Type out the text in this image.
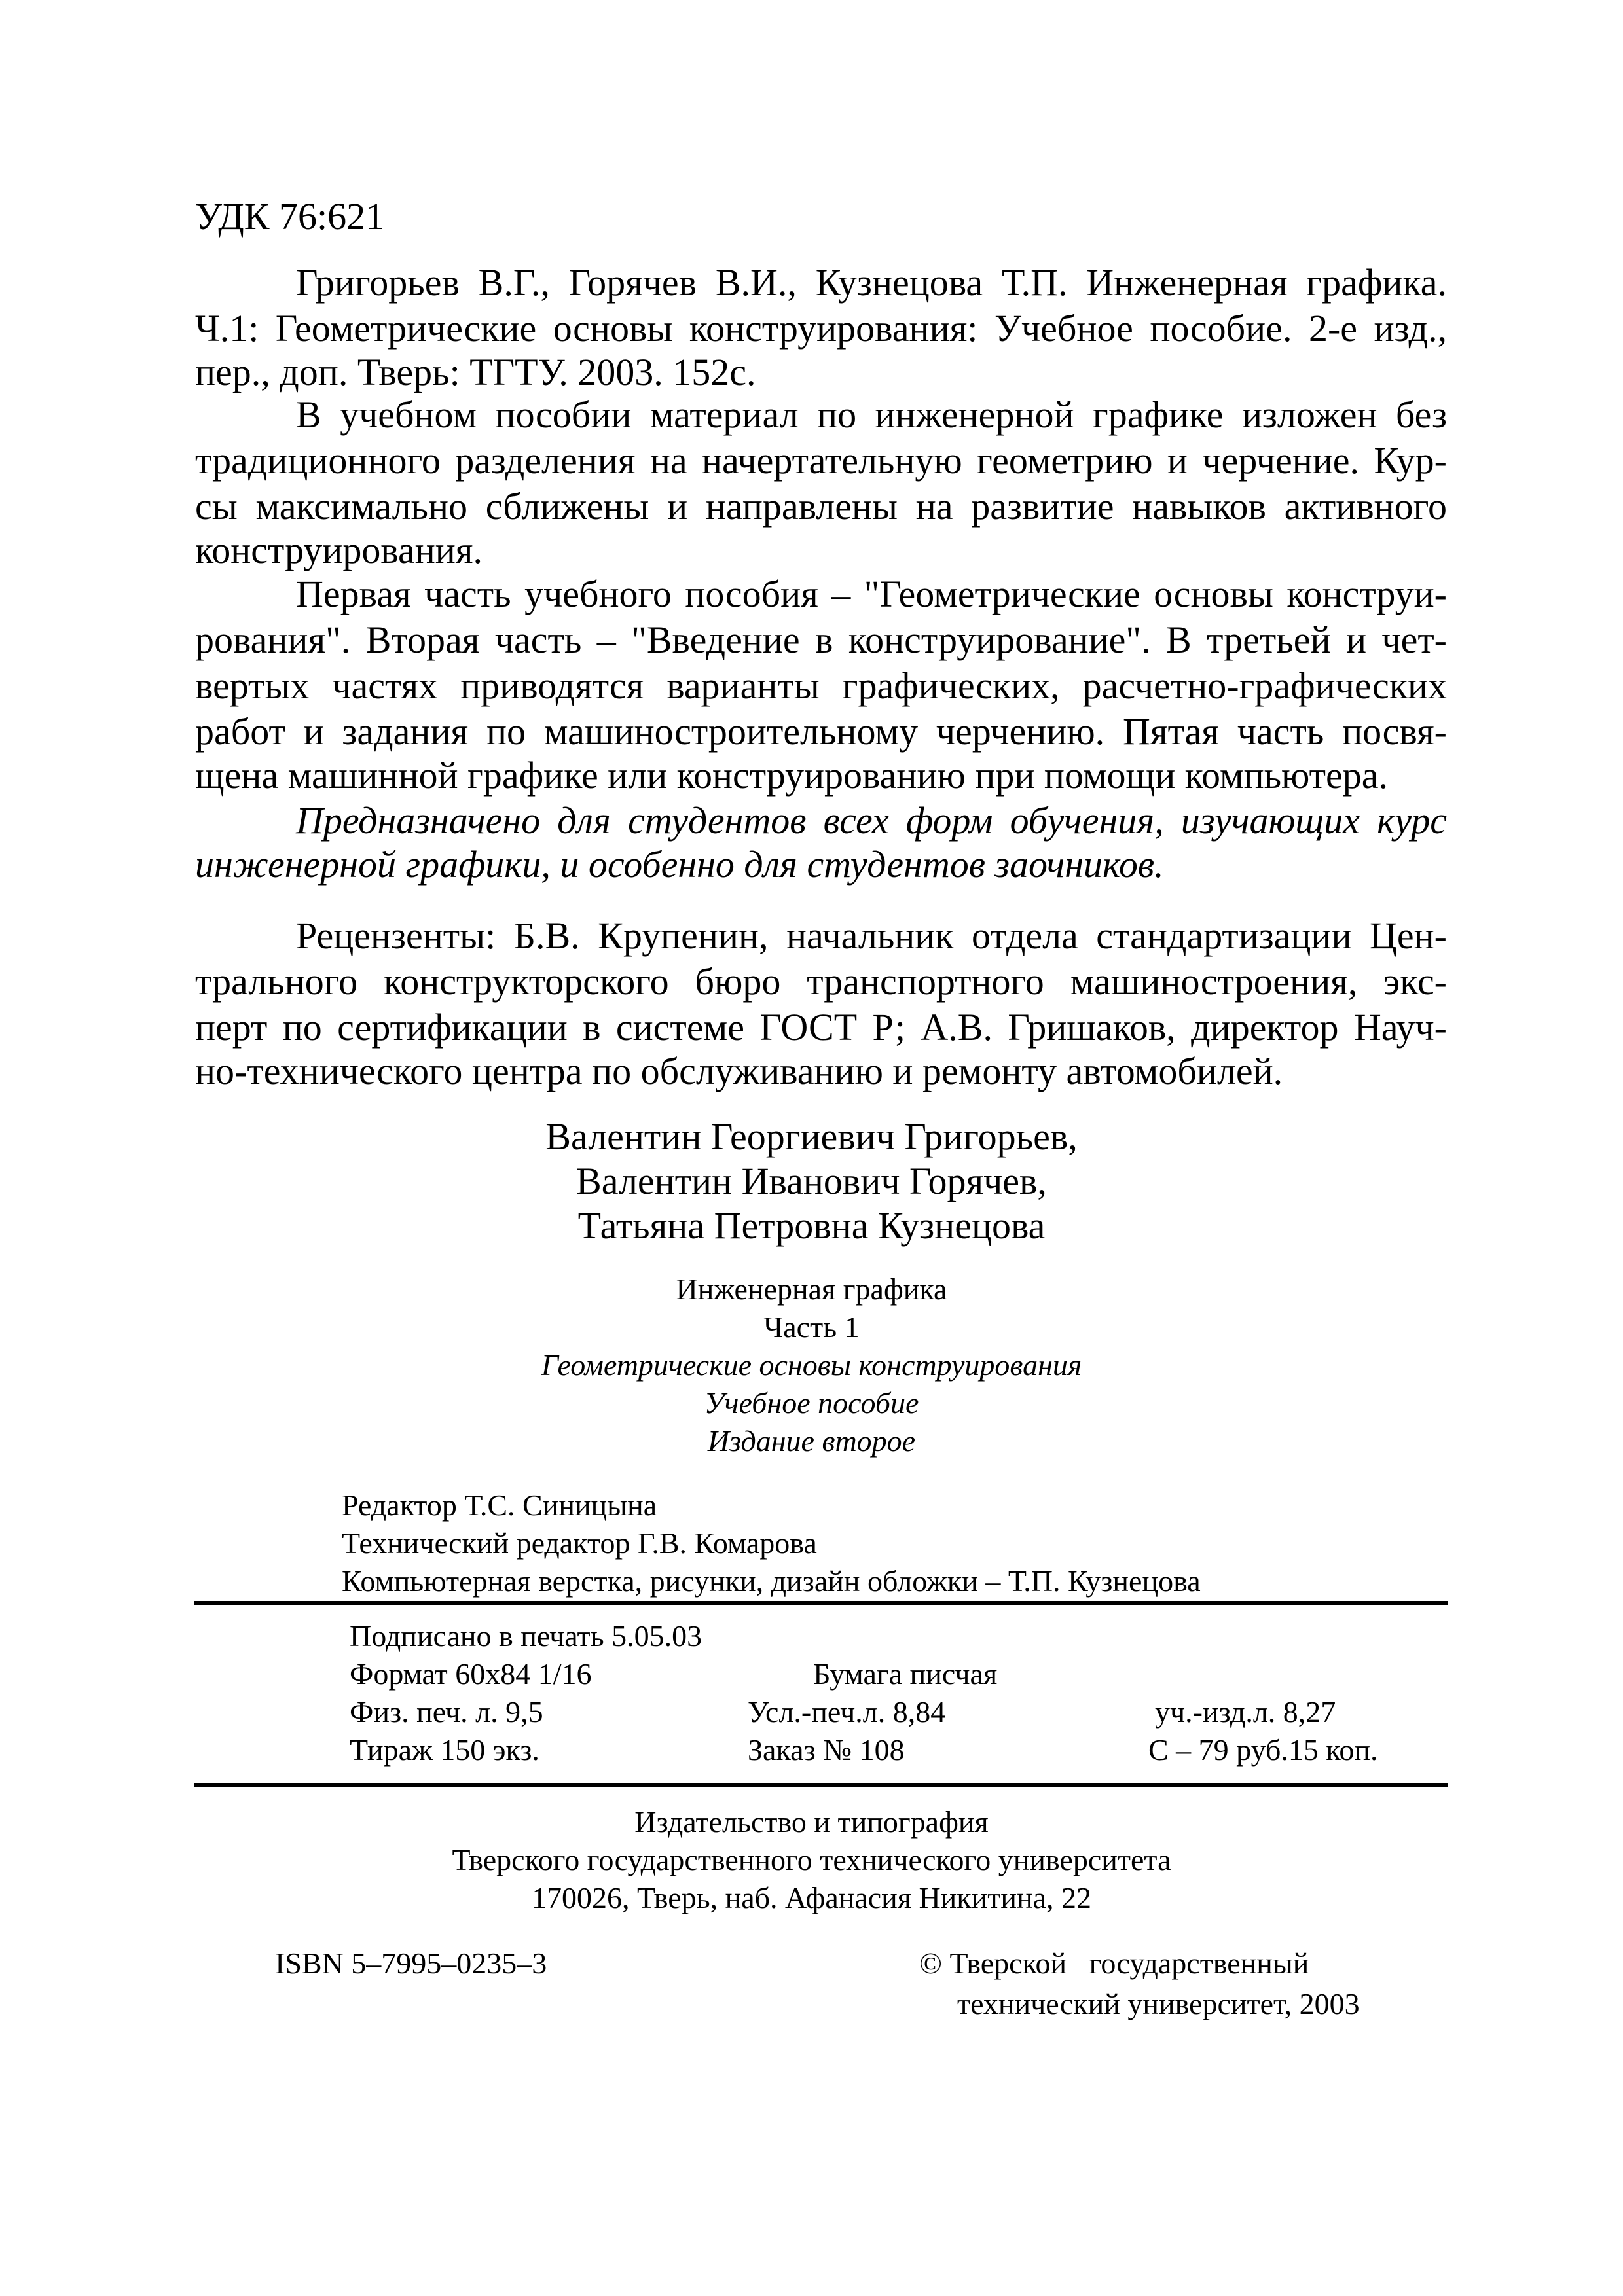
УДК 76:621
Григорьев В.Г., Горячев В.И., Кузнецова Т.П. Инженерная графика.
Ч.1: Геометрические основы конструирования: Учебное пособие. 2-е изд.,
пер., доп. Тверь: ТГТУ. 2003. 152с.
В учебном пособии материал по инженерной графике изложен без
традиционного разделения на начертательную геометрию и черчение. Кур-
сы максимально сближены и направлены на развитие навыков активного
конструирования.
Первая часть учебного пособия – "Геометрические основы конструи-
рования". Вторая часть – "Введение в конструирование". В третьей и чет-
вертых частях приводятся варианты графических, расчетно-графических
работ и задания по машиностроительному черчению. Пятая часть посвя-
щена машинной графике или конструированию при помощи компьютера.
Предназначено для студентов всех форм обучения, изучающих курс
инженерной графики, и особенно для студентов заочников.
Рецензенты: Б.В. Крупенин, начальник отдела стандартизации Цен-
трального конструкторского бюро транспортного машиностроения, экс-
перт по сертификации в системе ГОСТ Р; А.В. Гришаков, директор Науч-
но-технического центра по обслуживанию и ремонту автомобилей.
Валентин Георгиевич Григорьев,
Валентин Иванович Горячев,
Татьяна Петровна Кузнецова
Инженерная графика
Часть 1
Геометрические основы конструирования
Учебное пособие
Издание второе
Редактор Т.С. Синицына
Технический редактор Г.В. Комарова
Компьютерная верстка, рисунки, дизайн обложки – Т.П. Кузнецова
Подписано в печать 5.05.03
Формат 60х84 1/16	Бумага писчая
Физ. печ. л. 9,5	Усл.-печ.л. 8,84	уч.-изд.л. 8,27
Тираж 150 экз.	Заказ № 108	С – 79 руб.15 коп.
Издательство и типография
Тверского государственного технического университета
170026, Тверь, наб. Афанасия Никитина, 22
ISBN 5–7995–0235–3	© Тверской   государственный
технический университет, 2003
